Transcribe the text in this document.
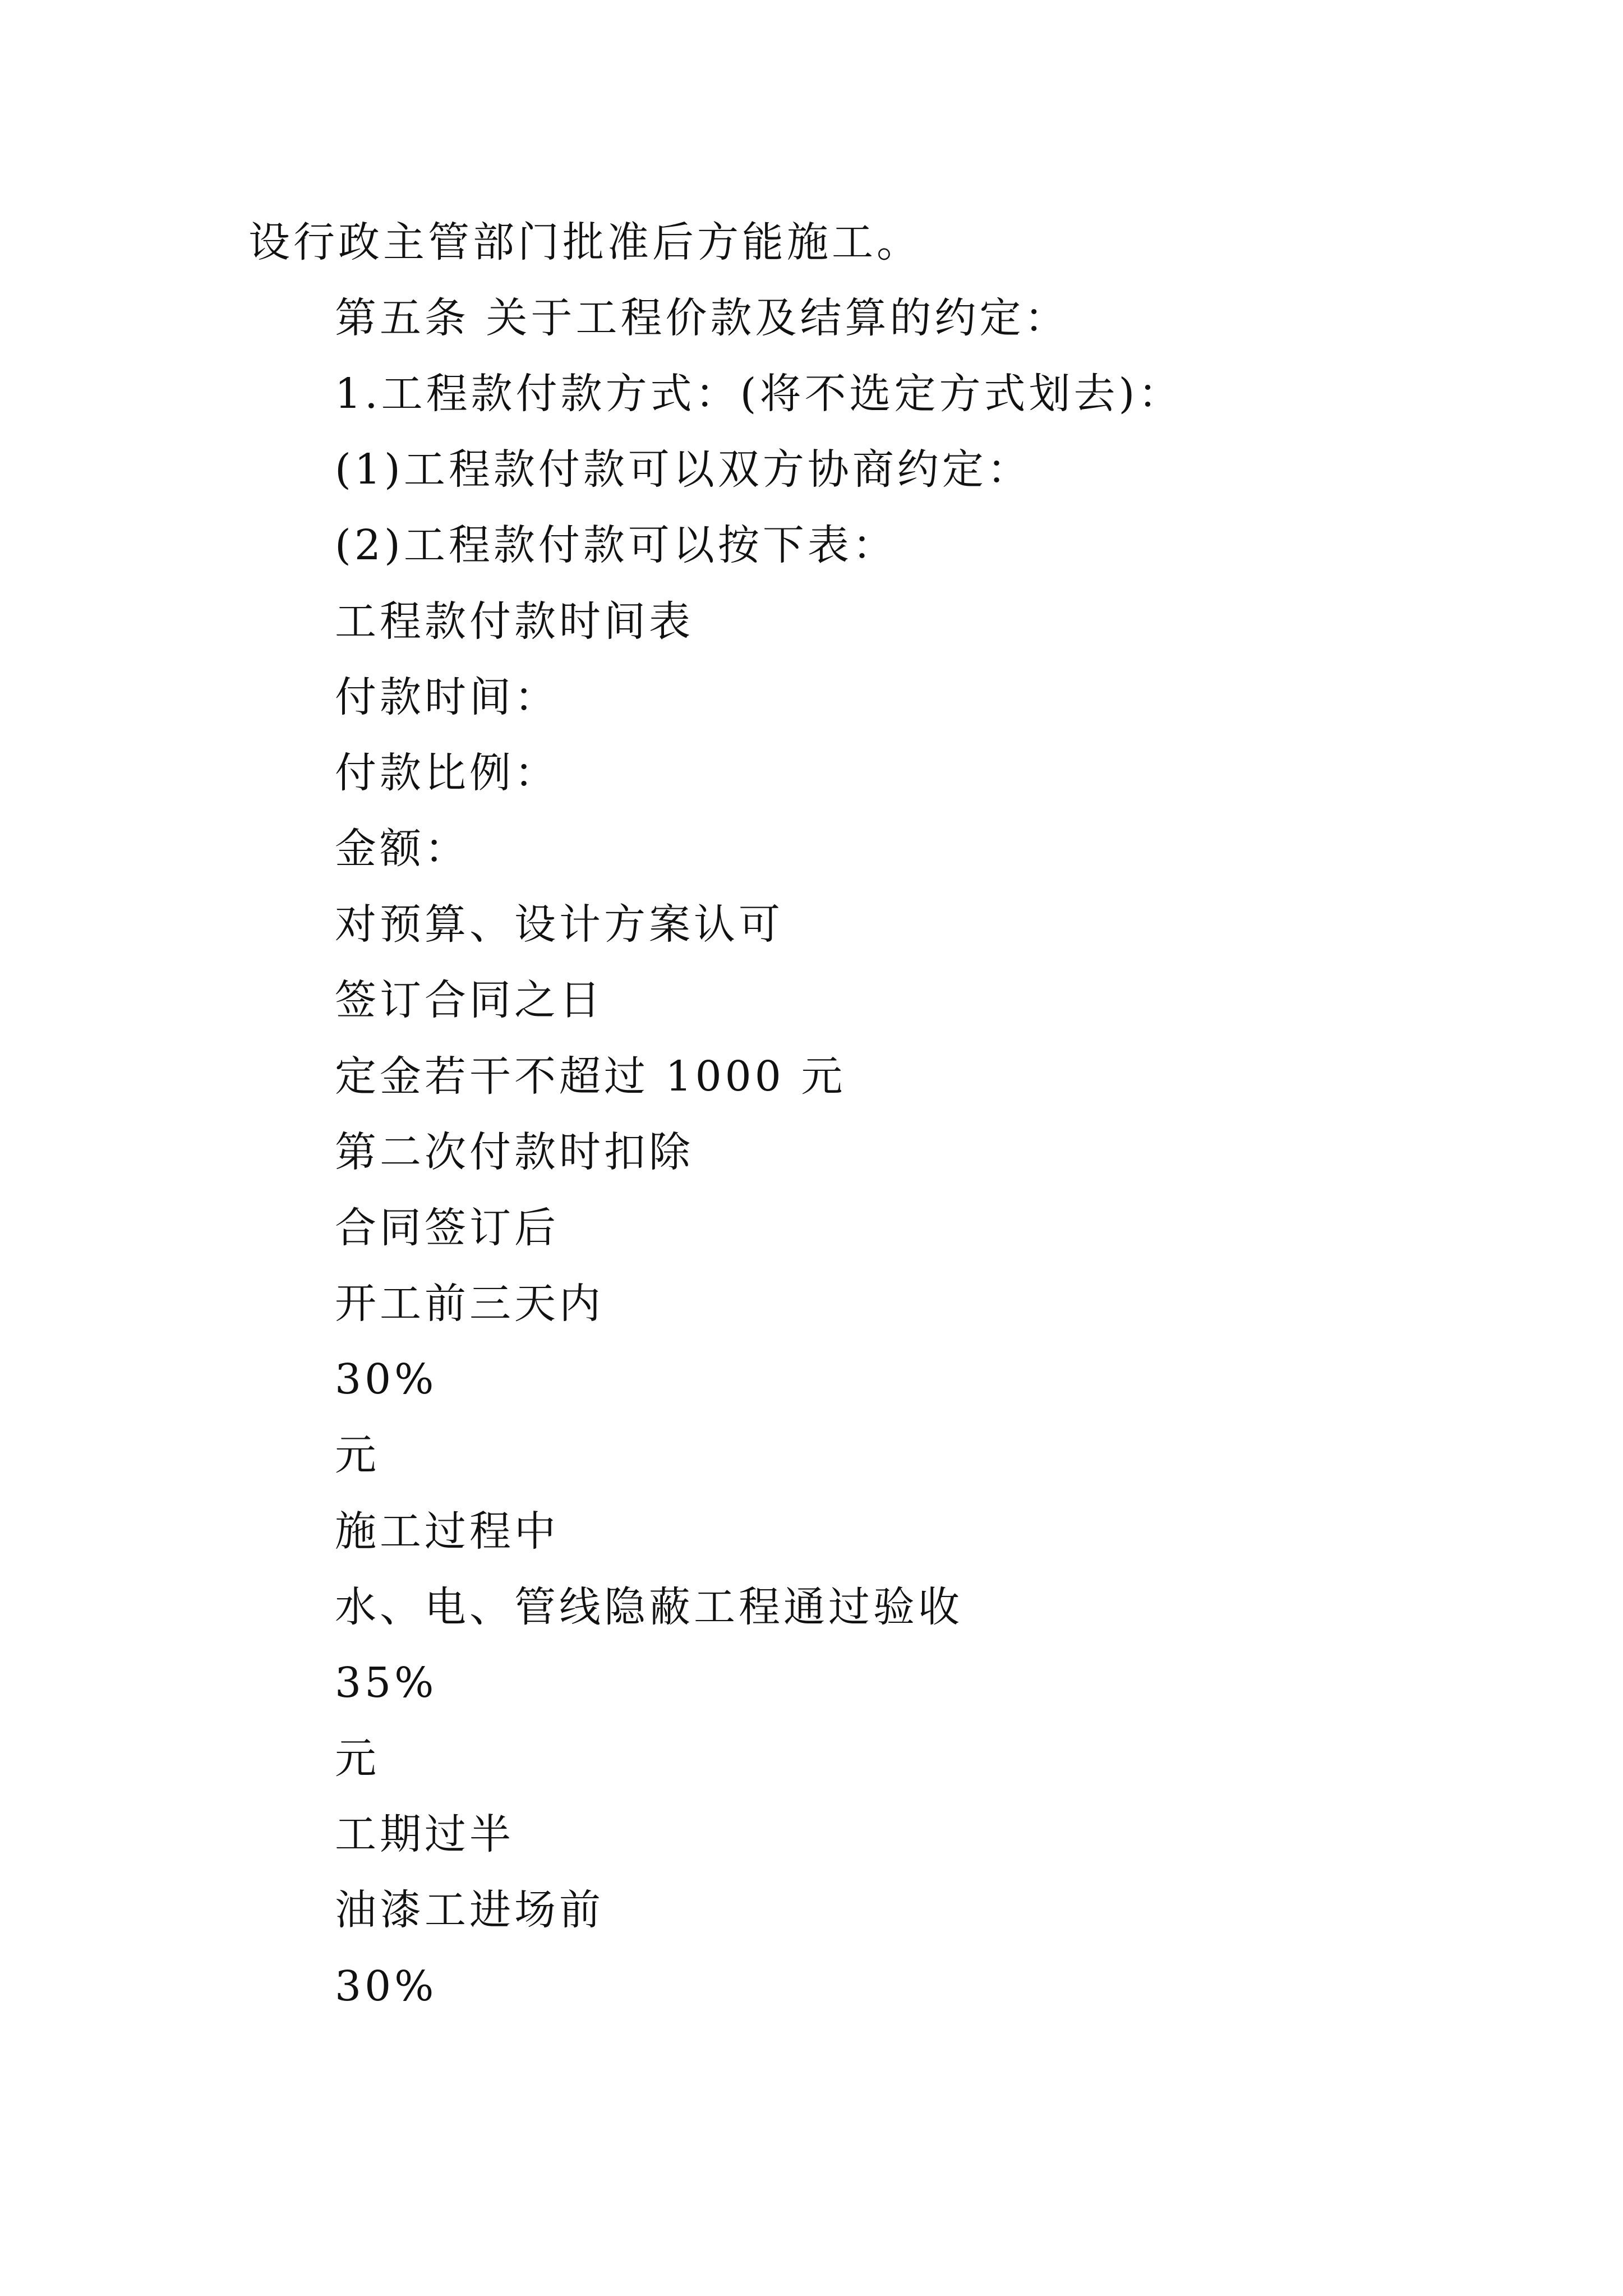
设行政主管部门批准后方能施工。
第五条 关于工程价款及结算的约定：
1.工程款付款方式：(将不选定方式划去)：
(1)工程款付款可以双方协商约定：
(2)工程款付款可以按下表：
工程款付款时间表
付款时间：
付款比例：
金额：
对预算、设计方案认可
签订合同之日
定金若干不超过 1000 元
第二次付款时扣除
合同签订后
开工前三天内
30%
元
施工过程中
水、电、管线隐蔽工程通过验收
35%
元
工期过半
油漆工进场前
30%
